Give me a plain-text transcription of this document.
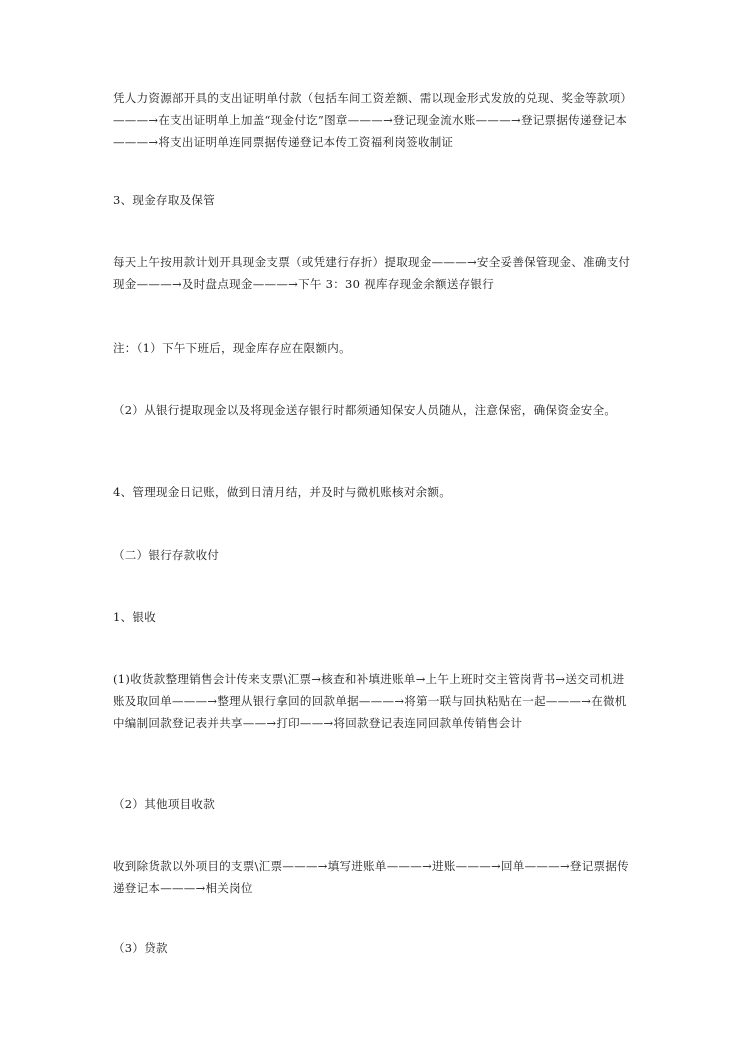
凭人力资源部开具的支出证明单付款（包括车间工资差额、需以现金形式发放的兑现、奖金等款项）———→在支出证明单上加盖“现金付讫”图章———→登记现金流水账———→登记票据传递登记本———→将支出证明单连同票据传递登记本传工资福利岗签收制证

3、现金存取及保管

每天上午按用款计划开具现金支票（或凭建行存折）提取现金———→安全妥善保管现金、准确支付现金———→及时盘点现金———→下午 3：30 视库存现金余额送存银行

注：（1）下午下班后，现金库存应在限额内。

（2）从银行提取现金以及将现金送存银行时都须通知保安人员随从，注意保密，确保资金安全。

4、管理现金日记账，做到日清月结，并及时与微机账核对余额。

（二）银行存款收付

1、银收

(1)收货款整理销售会计传来支票\汇票→核查和补填进账单→上午上班时交主管岗背书→送交司机进账及取回单———→整理从银行拿回的回款单据———→将第一联与回执粘贴在一起———→在微机中编制回款登记表并共享——→打印——→将回款登记表连同回款单传销售会计

（2）其他项目收款

收到除货款以外项目的支票\汇票———→填写进账单———→进账———→回单———→登记票据传递登记本———→相关岗位

（3）贷款
